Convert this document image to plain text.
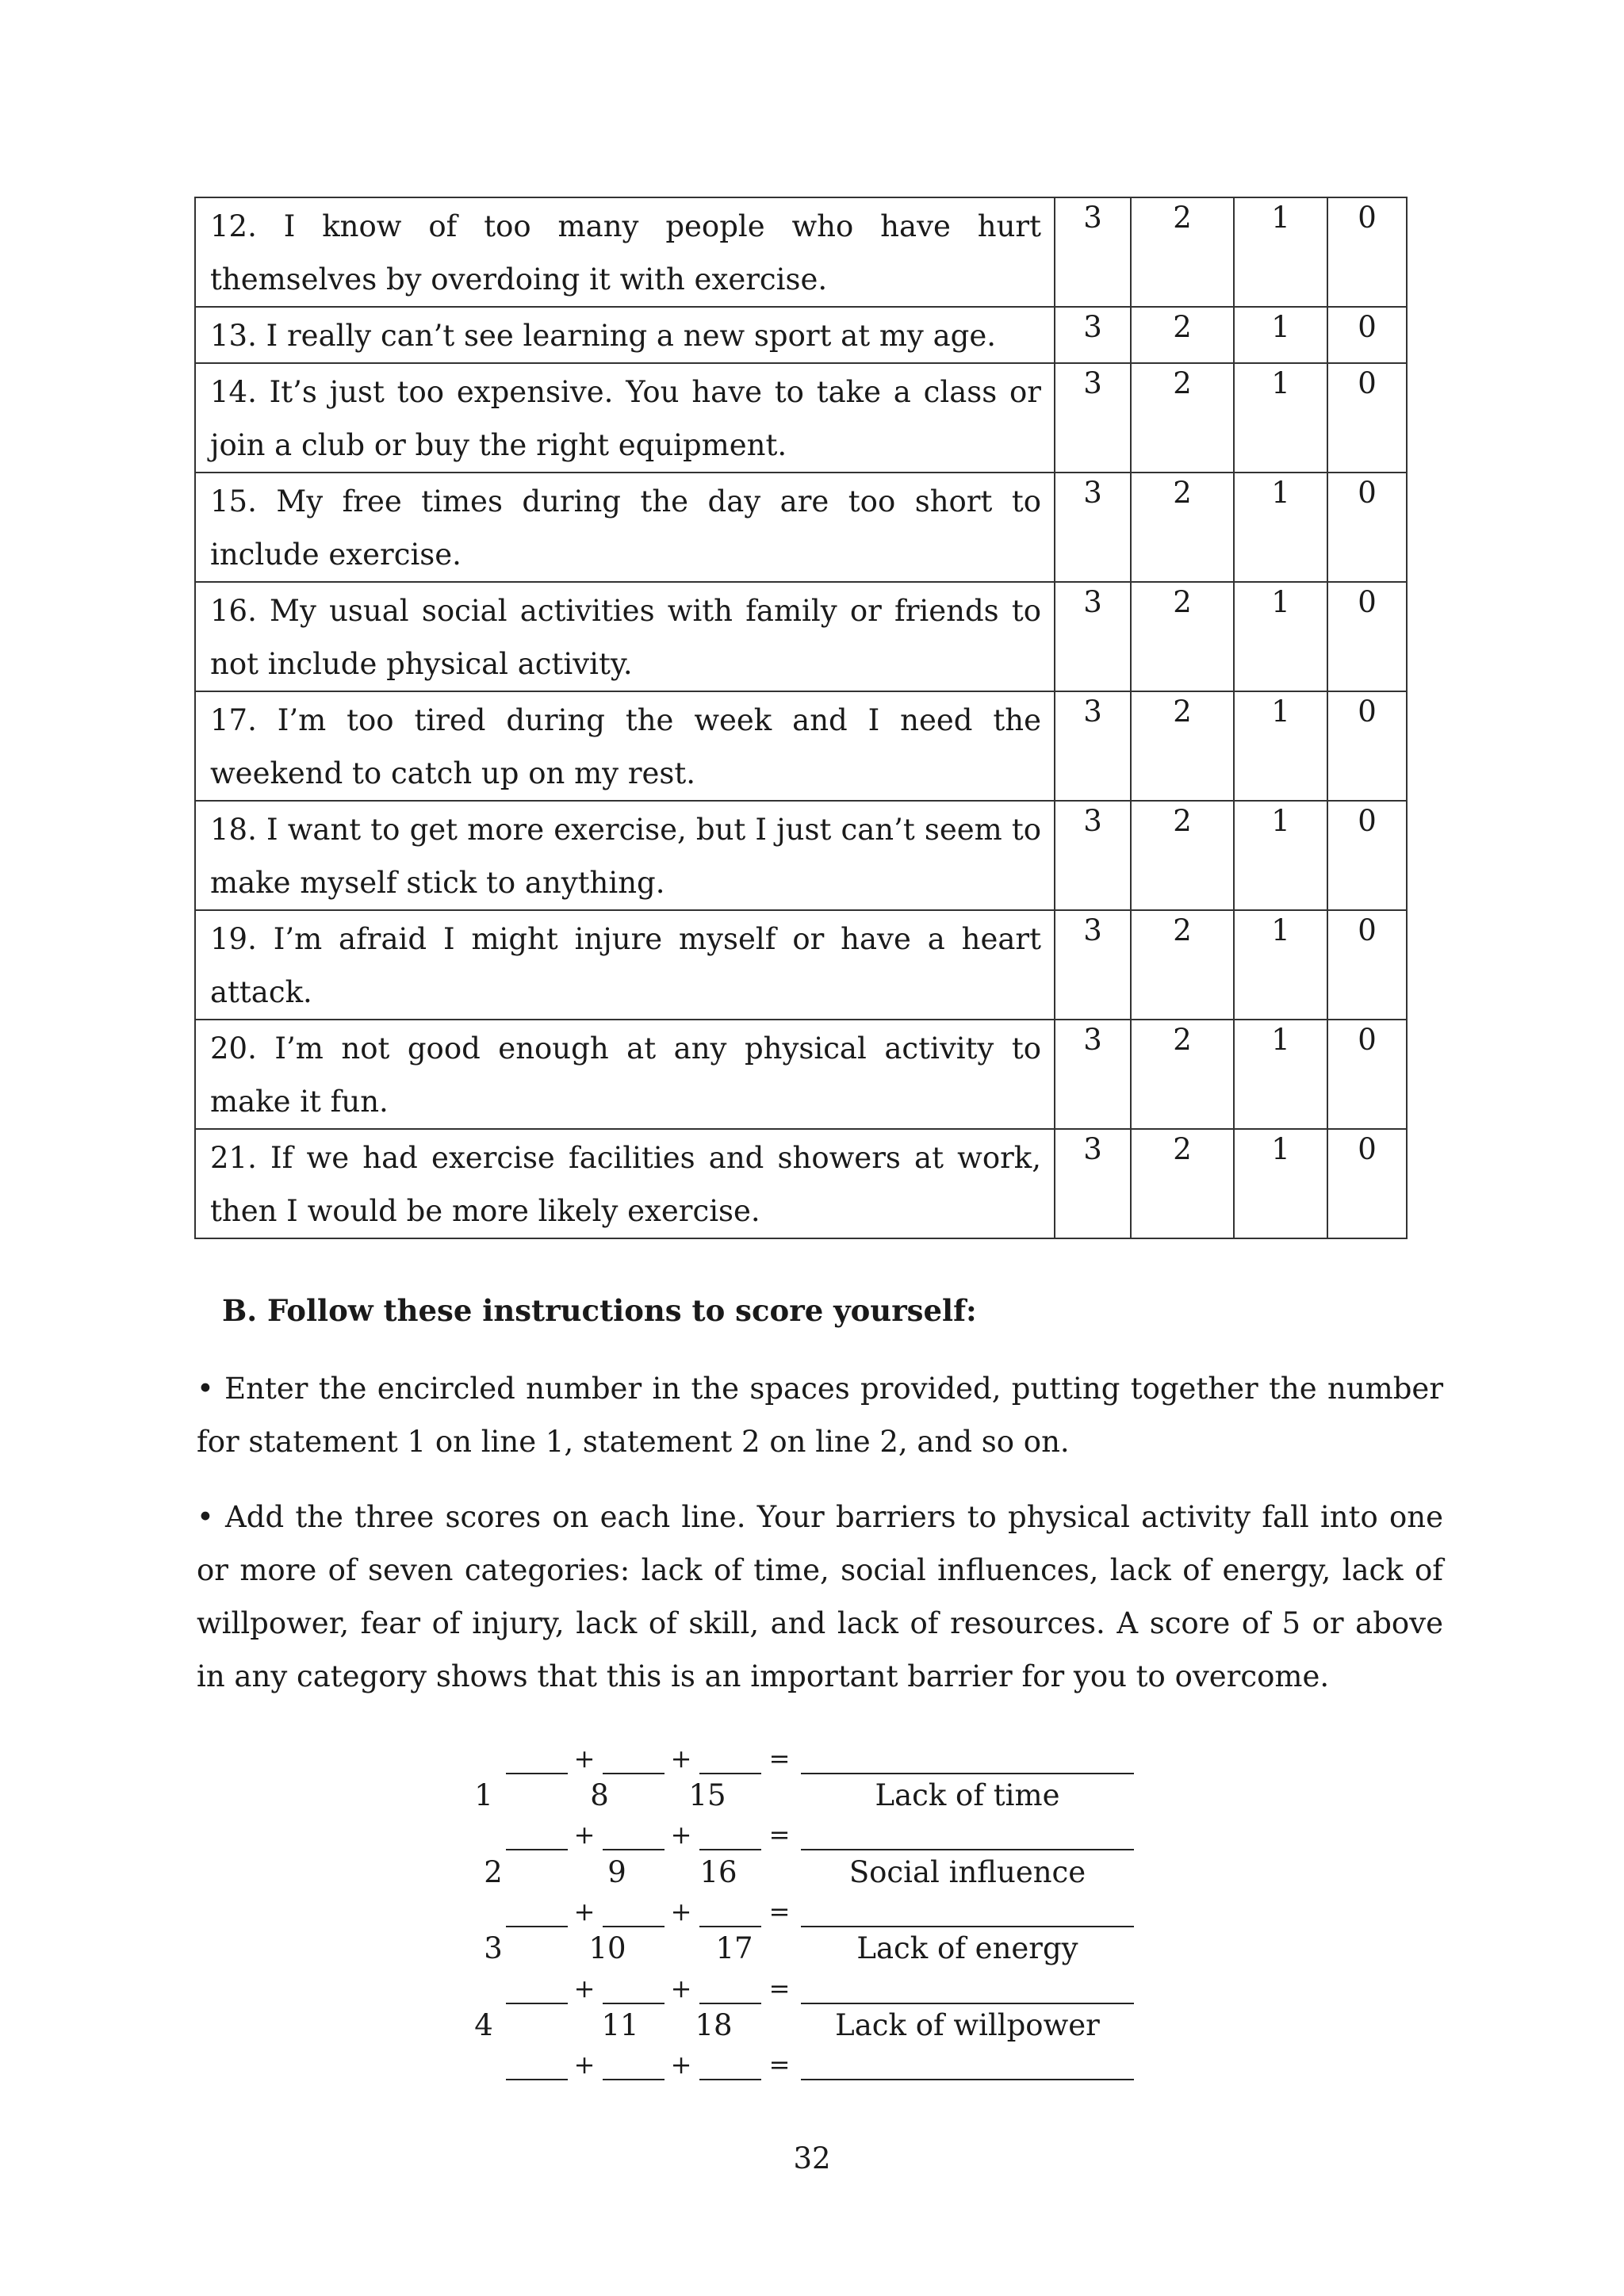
12. I know of too many people who have hurt themselves by overdoing it with exercise.	3	2	1	0
13. I really can’t see learning a new sport at my age.	3	2	1	0
14. It’s just too expensive. You have to take a class or join a club or buy the right equipment.	3	2	1	0
15. My free times during the day are too short to include exercise.	3	2	1	0
16. My usual social activities with family or friends to not include physical activity.	3	2	1	0
17. I’m too tired during the week and I need the weekend to catch up on my rest.	3	2	1	0
18. I want to get more exercise, but I just can’t seem to make myself stick to anything.	3	2	1	0
19. I’m afraid I might injure myself or have a heart attack.	3	2	1	0
20. I’m not good enough at any physical activity to make it fun.	3	2	1	0
21. If we had exercise facilities and showers at work, then I would be more likely exercise.	3	2	1	0
B. Follow these instructions to score yourself:
• Enter the encircled number in the spaces provided, putting together the number for statement 1 on line 1, statement 2 on line 2, and so on.
• Add the three scores on each line. Your barriers to physical activity fall into one or more of seven categories: lack of time, social influences, lack of energy, lack of willpower, fear of injury, lack of skill, and lack of resources. A score of 5 or above in any category shows that this is an important barrier for you to overcome.
+	+	=
1	8	15	Lack of time
+	+	=
2	9	16	Social influence
+	+	=
3	10	17	Lack of energy
+	+	=
4	11	18	Lack of willpower
+	+	=
32
